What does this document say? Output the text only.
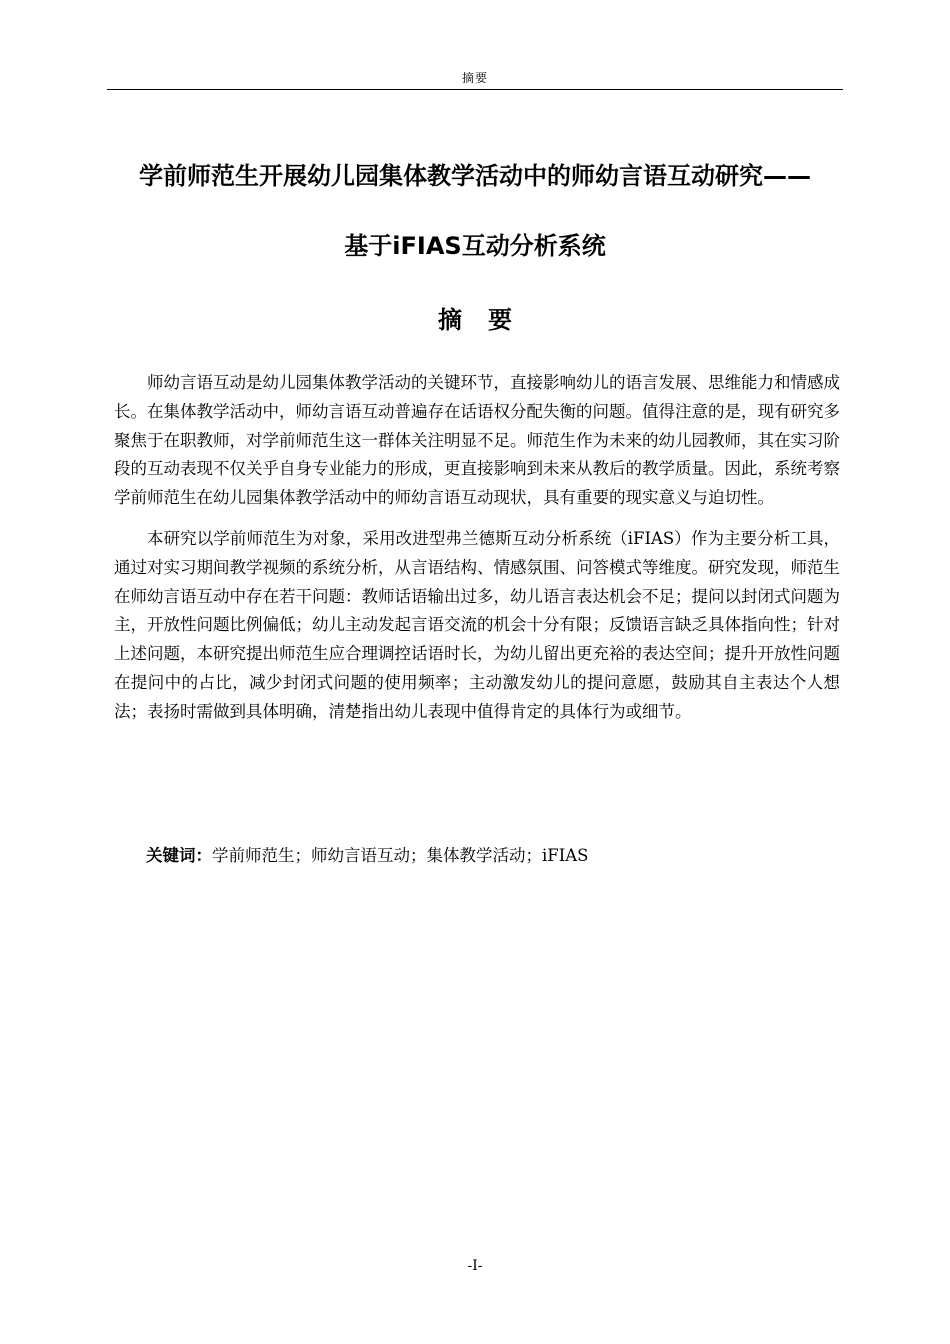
摘要
学前师范生开展幼儿园集体教学活动中的师幼言语互动研究——
基于iFIAS互动分析系统
摘要

师幼言语互动是幼儿园集体教学活动的关键环节，直接影响幼儿的语言发展、思维能力和情感成长。在集体教学活动中，师幼言语互动普遍存在话语权分配失衡的问题。值得注意的是，现有研究多聚焦于在职教师，对学前师范生这一群体关注明显不足。师范生作为未来的幼儿园教师，其在实习阶段的互动表现不仅关乎自身专业能力的形成，更直接影响到未来从教后的教学质量。因此，系统考察学前师范生在幼儿园集体教学活动中的师幼言语互动现状，具有重要的现实意义与迫切性。

本研究以学前师范生为对象，采用改进型弗兰德斯互动分析系统（iFIAS）作为主要分析工具，通过对实习期间教学视频的系统分析，从言语结构、情感氛围、问答模式等维度。研究发现，师范生在师幼言语互动中存在若干问题：教师话语输出过多，幼儿语言表达机会不足；提问以封闭式问题为主，开放性问题比例偏低；幼儿主动发起言语交流的机会十分有限；反馈语言缺乏具体指向性；针对上述问题，本研究提出师范生应合理调控话语时长，为幼儿留出更充裕的表达空间；提升开放性问题在提问中的占比，减少封闭式问题的使用频率；主动激发幼儿的提问意愿，鼓励其自主表达个人想法；表扬时需做到具体明确，清楚指出幼儿表现中值得肯定的具体行为或细节。

关键词：学前师范生；师幼言语互动；集体教学活动；iFIAS
-I-
